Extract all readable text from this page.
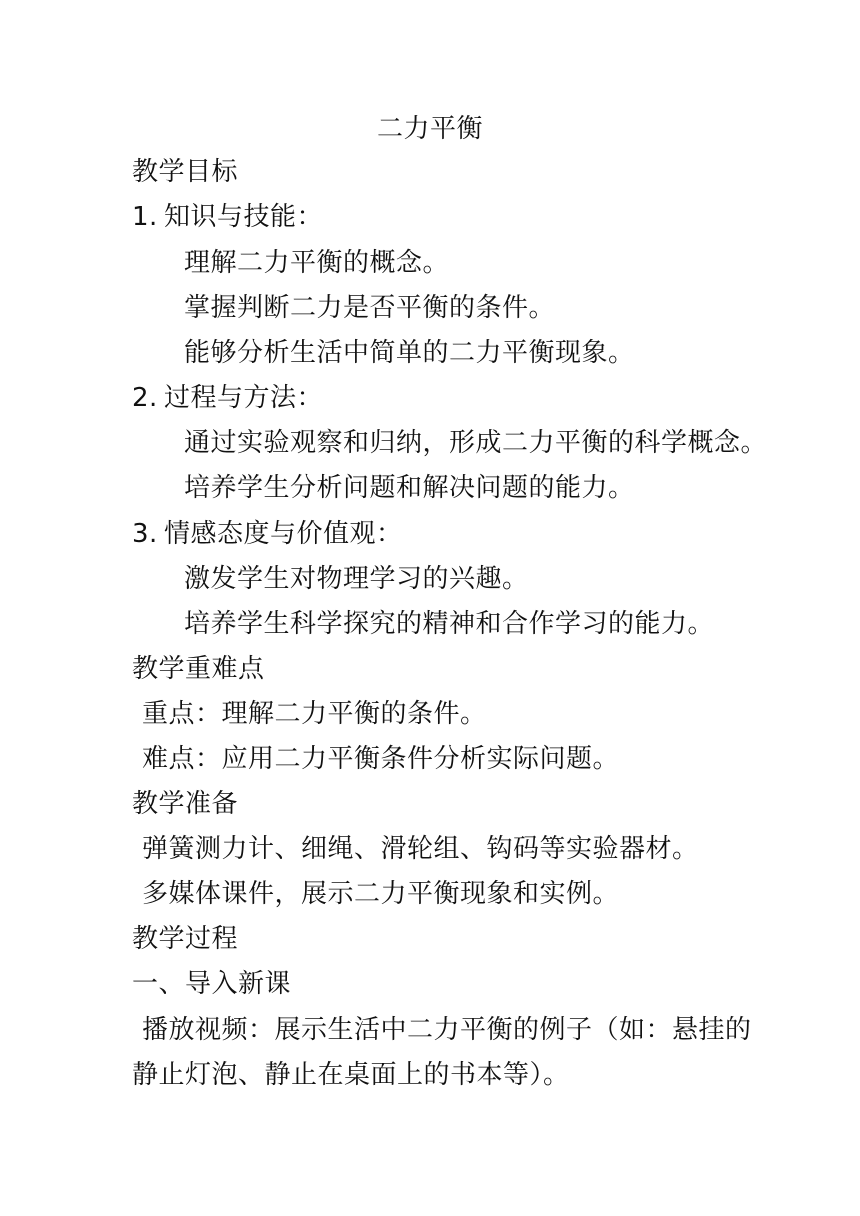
二力平衡
教学目标
1. 知识与技能：
理解二力平衡的概念。
掌握判断二力是否平衡的条件。
能够分析生活中简单的二力平衡现象。
2. 过程与方法：
通过实验观察和归纳，形成二力平衡的科学概念。
培养学生分析问题和解决问题的能力。
3. 情感态度与价值观：
激发学生对物理学习的兴趣。
培养学生科学探究的精神和合作学习的能力。
教学重难点
重点：理解二力平衡的条件。
难点：应用二力平衡条件分析实际问题。
教学准备
弹簧测力计、细绳、滑轮组、钩码等实验器材。
多媒体课件，展示二力平衡现象和实例。
教学过程
一、导入新课
播放视频：展示生活中二力平衡的例子（如：悬挂的
静止灯泡、静止在桌面上的书本等）。
